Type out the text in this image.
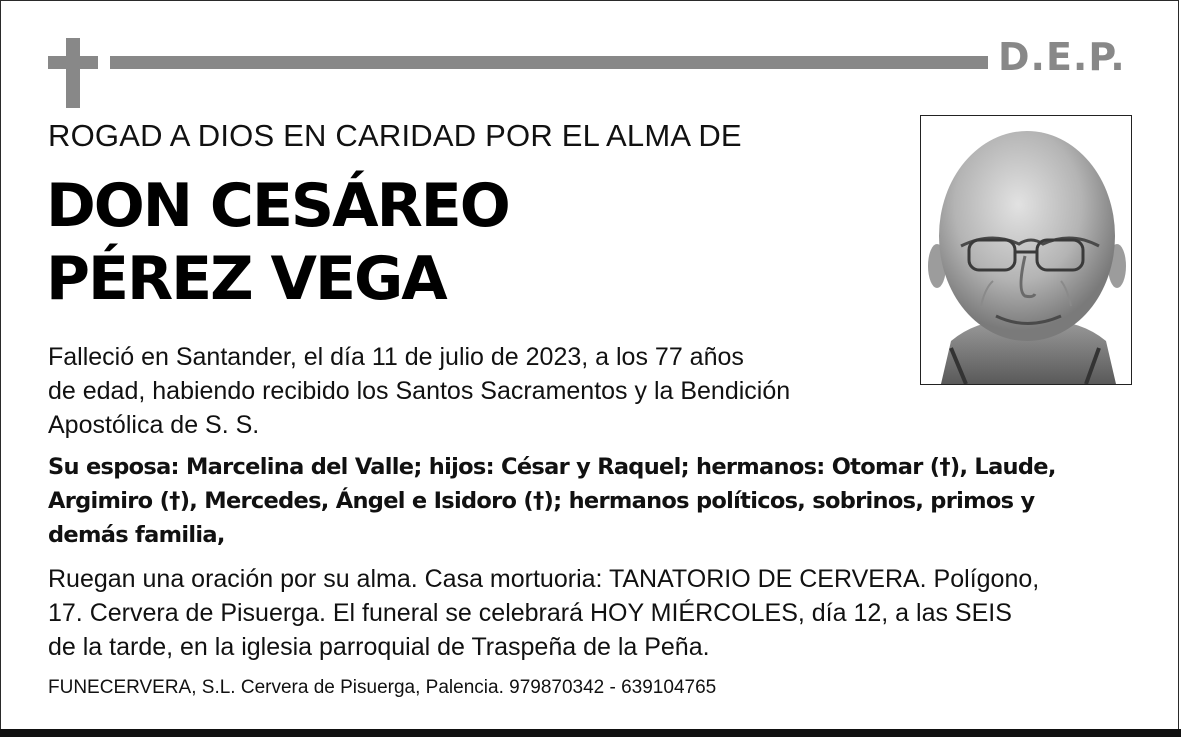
D.E.P.
ROGAD A DIOS EN CARIDAD POR EL ALMA DE
DON CESÁREO
PÉREZ VEGA

Falleció en Santander, el día 11 de julio de 2023, a los 77 años
de edad, habiendo recibido los Santos Sacramentos y la Bendición
Apostólica de S. S.

Su esposa: Marcelina del Valle; hijos: César y Raquel; hermanos: Otomar (†), Laude,
Argimiro (†), Mercedes, Ángel e Isidoro (†); hermanos políticos, sobrinos, primos y
demás familia,

Ruegan una oración por su alma. Casa mortuoria: TANATORIO DE CERVERA. Polígono,
17. Cervera de Pisuerga. El funeral se celebrará HOY MIÉRCOLES, día 12, a las SEIS
de la tarde, en la iglesia parroquial de Traspeña de la Peña.

FUNECERVERA, S.L. Cervera de Pisuerga, Palencia. 979870342 - 639104765
